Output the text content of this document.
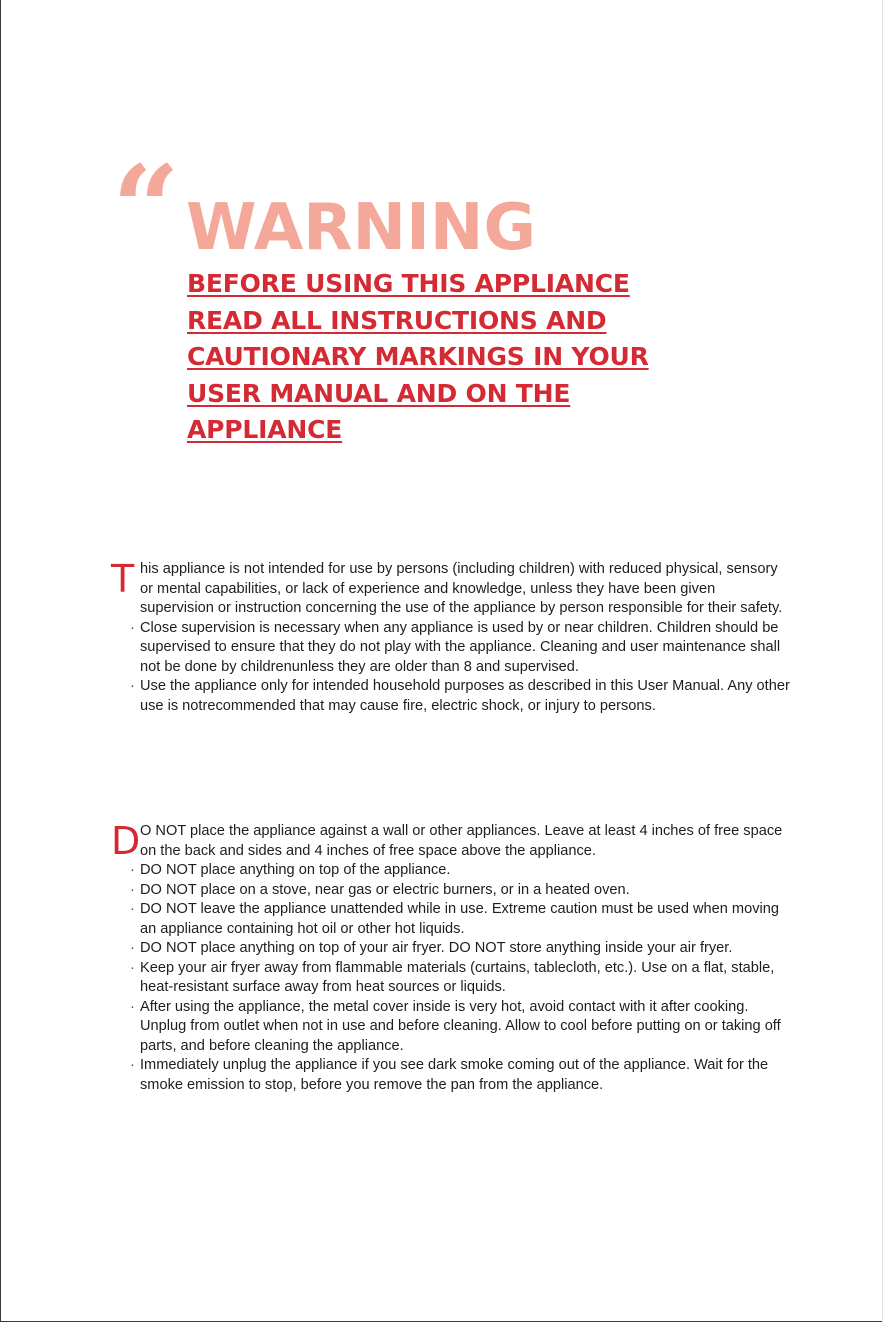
“ WARNING
BEFORE USING THIS APPLIANCE
READ ALL INSTRUCTIONS AND
CAUTIONARY MARKINGS IN YOUR
USER MANUAL AND ON THE
APPLIANCE
T his appliance is not intended for use by persons (including children) with reduced physical, sensory or mental capabilities, or lack of experience and knowledge, unless they have been given supervision or instruction concerning the use of the appliance by person responsible for their safety.

· Close supervision is necessary when any appliance is used by or near children. Children should be supervised to ensure that they do not play with the appliance. Cleaning and user maintenance shall not be done by childrenunless they are older than 8 and supervised.
· Use the appliance only for intended household purposes as described in this User Manual. Any other use is notrecommended that may cause fire, electric shock, or injury to persons.
D O NOT place the appliance against a wall or other appliances. Leave at least 4 inches of free space on the back and sides and 4 inches of free space above the appliance.

· DO NOT place anything on top of the appliance.
· DO NOT place on a stove, near gas or electric burners, or in a heated oven.
· DO NOT leave the appliance unattended while in use. Extreme caution must be used when moving an appliance containing hot oil or other hot liquids.
· DO NOT place anything on top of your air fryer. DO NOT store anything inside your air fryer.
· Keep your air fryer away from flammable materials (curtains, tablecloth, etc.). Use on a flat, stable, heat-resistant surface away from heat sources or liquids.
· After using the appliance, the metal cover inside is very hot, avoid contact with it after cooking. Unplug from outlet when not in use and before cleaning. Allow to cool before putting on or taking off parts, and before cleaning the appliance.
· Immediately unplug the appliance if you see dark smoke coming out of the appliance. Wait for the smoke emission to stop, before you remove the pan from the appliance.
